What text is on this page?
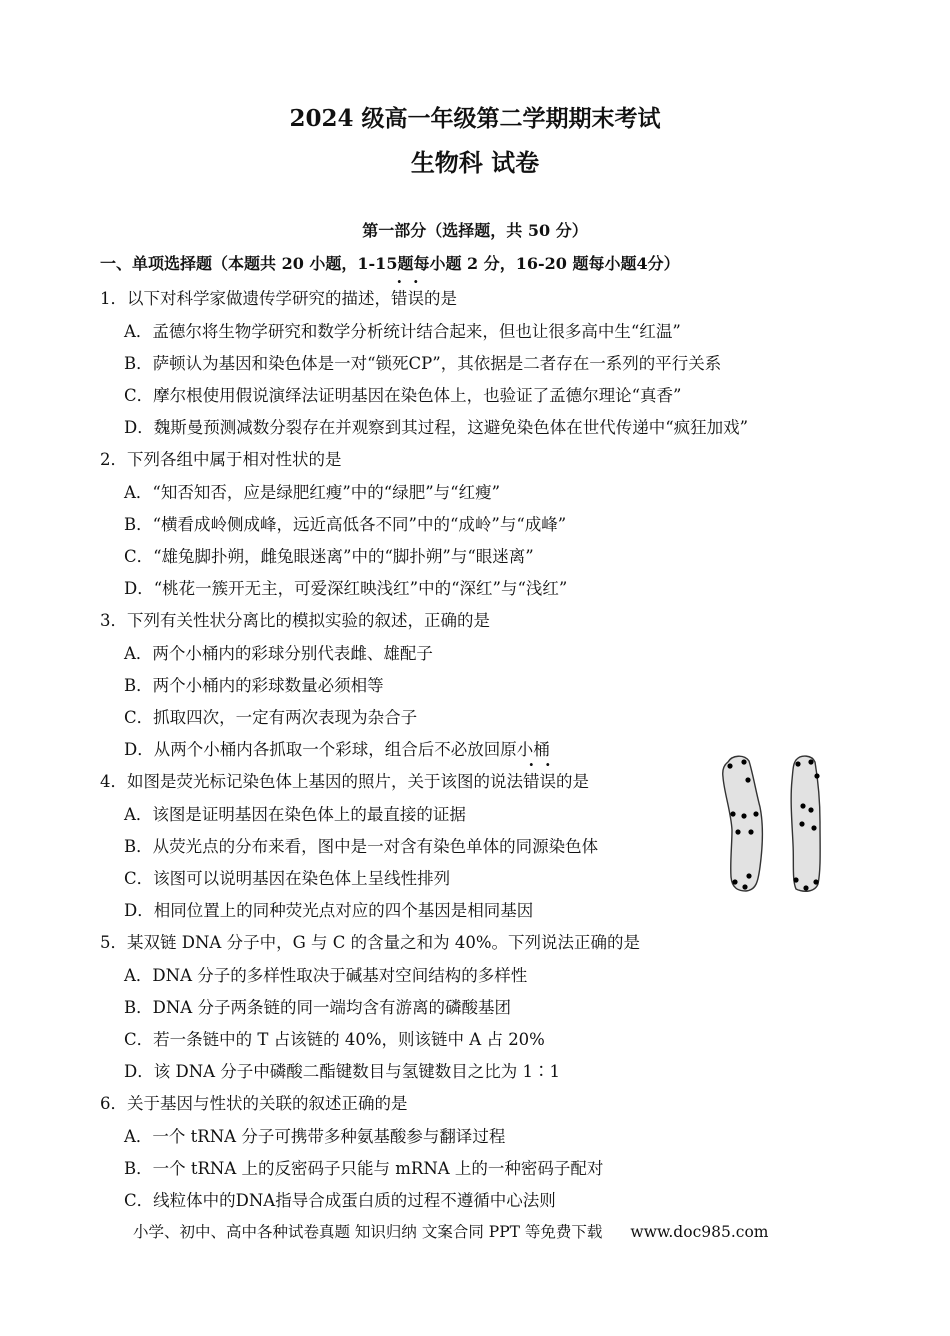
2024 级高一年级第二学期期末考试
生物科 试卷
第一部分（选择题，共 50 分）
一、单项选择题（本题共 20 小题，1-15题每小题 2 分，16-20 题每小题4分）
1．以下对科学家做遗传学研究的描述，错误的是
A．孟德尔将生物学研究和数学分析统计结合起来，但也让很多高中生“红温”
B．萨顿认为基因和染色体是一对“锁死CP”，其依据是二者存在一系列的平行关系
C．摩尔根使用假说演绎法证明基因在染色体上，也验证了孟德尔理论“真香”
D．魏斯曼预测减数分裂存在并观察到其过程，这避免染色体在世代传递中“疯狂加戏”
2．下列各组中属于相对性状的是
A．“知否知否，应是绿肥红瘦”中的“绿肥”与“红瘦”
B．“横看成岭侧成峰，远近高低各不同”中的“成岭”与“成峰”
C．“雄兔脚扑朔，雌兔眼迷离”中的“脚扑朔”与“眼迷离”
D．“桃花一簇开无主，可爱深红映浅红”中的“深红”与“浅红”
3．下列有关性状分离比的模拟实验的叙述，正确的是
A．两个小桶内的彩球分别代表雌、雄配子
B．两个小桶内的彩球数量必须相等
C．抓取四次，一定有两次表现为杂合子
D．从两个小桶内各抓取一个彩球，组合后不必放回原小桶
4．如图是荧光标记染色体上基因的照片，关于该图的说法错误的是
A．该图是证明基因在染色体上的最直接的证据
B．从荧光点的分布来看，图中是一对含有染色单体的同源染色体
C．该图可以说明基因在染色体上呈线性排列
D．相同位置上的同种荧光点对应的四个基因是相同基因
5．某双链 DNA 分子中，G 与 C 的含量之和为 40%。下列说法正确的是
A．DNA 分子的多样性取决于碱基对空间结构的多样性
B．DNA 分子两条链的同一端均含有游离的磷酸基团
C．若一条链中的 T 占该链的 40%，则该链中 A 占 20%
D．该 DNA 分子中磷酸二酯键数目与氢键数目之比为 1∶1
6．关于基因与性状的关联的叙述正确的是
A．一个 tRNA 分子可携带多种氨基酸参与翻译过程
B．一个 tRNA 上的反密码子只能与 mRNA 上的一种密码子配对
C．线粒体中的DNA指导合成蛋白质的过程不遵循中心法则
小学、初中、高中各种试卷真题 知识归纳 文案合同 PPT 等免费下载 www.doc985.com
